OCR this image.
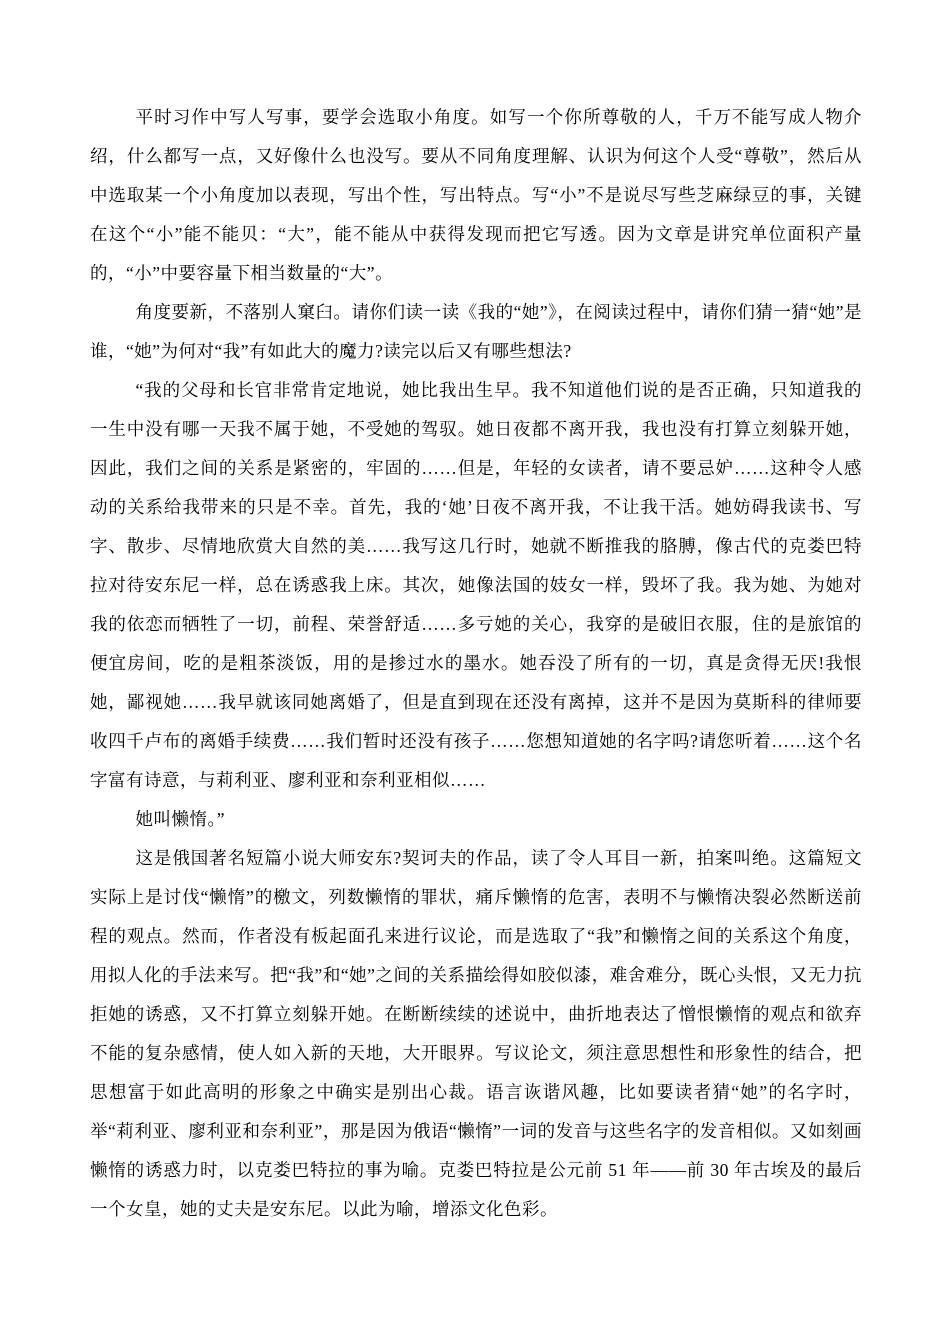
平时习作中写人写事，要学会选取小角度。如写一个你所尊敬的人，千万不能写成人物介绍，什么都写一点，又好像什么也没写。要从不同角度理解、认识为何这个人受“尊敬”，然后从中选取某一个小角度加以表现，写出个性，写出特点。写“小”不是说尽写些芝麻绿豆的事，关键在这个“小”能不能贝：“大”，能不能从中获得发现而把它写透。因为文章是讲究单位面积产量的，“小”中要容量下相当数量的“大”。

角度要新，不落别人窠臼。请你们读一读《我的“她”》，在阅读过程中，请你们猜一猜“她”是谁，“她”为何对“我”有如此大的魔力?读完以后又有哪些想法?

“我的父母和长官非常肯定地说，她比我出生早。我不知道他们说的是否正确，只知道我的一生中没有哪一天我不属于她，不受她的驾驭。她日夜都不离开我，我也没有打算立刻躲开她，因此，我们之间的关系是紧密的，牢固的……但是，年轻的女读者，请不要忌妒……这种令人感动的关系给我带来的只是不幸。首先，我的‘她’日夜不离开我，不让我干活。她妨碍我读书、写字、散步、尽情地欣赏大自然的美……我写这几行时，她就不断推我的胳膊，像古代的克娄巴特拉对待安东尼一样，总在诱惑我上床。其次，她像法国的妓女一样，毁坏了我。我为她、为她对我的依恋而牺牲了一切，前程、荣誉舒适……多亏她的关心，我穿的是破旧衣服，住的是旅馆的便宜房间，吃的是粗茶淡饭，用的是掺过水的墨水。她吞没了所有的一切，真是贪得无厌!我恨她，鄙视她……我早就该同她离婚了，但是直到现在还没有离掉，这并不是因为莫斯科的律师要收四千卢布的离婚手续费……我们暂时还没有孩子……您想知道她的名字吗?请您听着……这个名字富有诗意，与莉利亚、廖利亚和奈利亚相似……

她叫懒惰。”

这是俄国著名短篇小说大师安东?契诃夫的作品，读了令人耳目一新，拍案叫绝。这篇短文实际上是讨伐“懒惰”的檄文，列数懒惰的罪状，痛斥懒惰的危害，表明不与懒惰决裂必然断送前程的观点。然而，作者没有板起面孔来进行议论，而是选取了“我”和懒惰之间的关系这个角度，用拟人化的手法来写。把“我”和“她”之间的关系描绘得如胶似漆，难舍难分，既心头恨，又无力抗拒她的诱惑，又不打算立刻躲开她。在断断续续的述说中，曲折地表达了憎恨懒惰的观点和欲弃不能的复杂感情，使人如入新的天地，大开眼界。写议论文，须注意思想性和形象性的结合，把思想富于如此高明的形象之中确实是别出心裁。语言诙谐风趣，比如要读者猜“她”的名字时，举“莉利亚、廖利亚和奈利亚”，那是因为俄语“懒惰”一词的发音与这些名字的发音相似。又如刻画懒惰的诱惑力时，以克娄巴特拉的事为喻。克娄巴特拉是公元前 51 年——前 30 年古埃及的最后一个女皇，她的丈夫是安东尼。以此为喻，增添文化色彩。
